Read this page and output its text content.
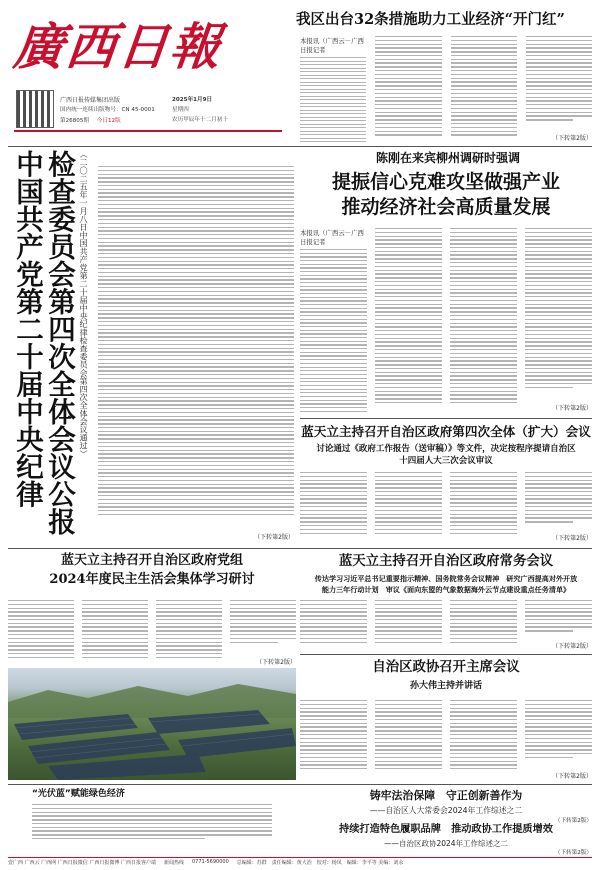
廣西日報
广西日报传媒集团出版
国内统一连续出版物号：CN 45-0001
第26805期 今日12版
2025年1月9日
星期四
农历甲辰年十二月初十
我区出台32条措施助力工业经济“开门红”
本报讯（广西云－广西日报记者
（下转第2版）
中国共产党第二十届中央纪律 检查委员会第四次全体会议公报 （二〇二五年一月八日中国共产党第二十届中央纪律检查委员会第四次全体会议通过）
（下转第2版）
陈刚在来宾柳州调研时强调
提振信心克难攻坚做强产业
推动经济社会高质量发展
本报讯（广西云－广西日报记者
（下转第2版）
蓝天立主持召开自治区政府第四次全体（扩大）会议
讨论通过《政府工作报告（送审稿）》等文件，决定按程序提请自治区
十四届人大三次会议审议
（下转第2版）
蓝天立主持召开自治区政府党组
2024年度民主生活会集体学习研讨
（下转第2版）
蓝天立主持召开自治区政府常务会议
传达学习习近平总书记重要指示精神、国务院常务会议精神　研究广西提高对外开放
能力三年行动计划　审议《面向东盟的气象数据海外云节点建设重点任务清单》
（下转第2版）
自治区政协召开主席会议
孙大伟主持并讲话
（下转第2版）
“光伏蓝”赋能绿色经济	铸牢法治保障　守正创新善作为
——自治区人大常委会2024年工作综述之二
（下转第2版）
持续打造特色履职品牌　推动政协工作提质增效
——自治区政协2024年工作综述之二
（下转第2版）
壹广西 广西云 广西网 广西日报微信 广西日报微博 广西日报客户端 新闻热线 0771-5690000 总编辑：苏群　责任编辑：黄大治　校对：杨凤　编辑：李平等 美编：刘永
